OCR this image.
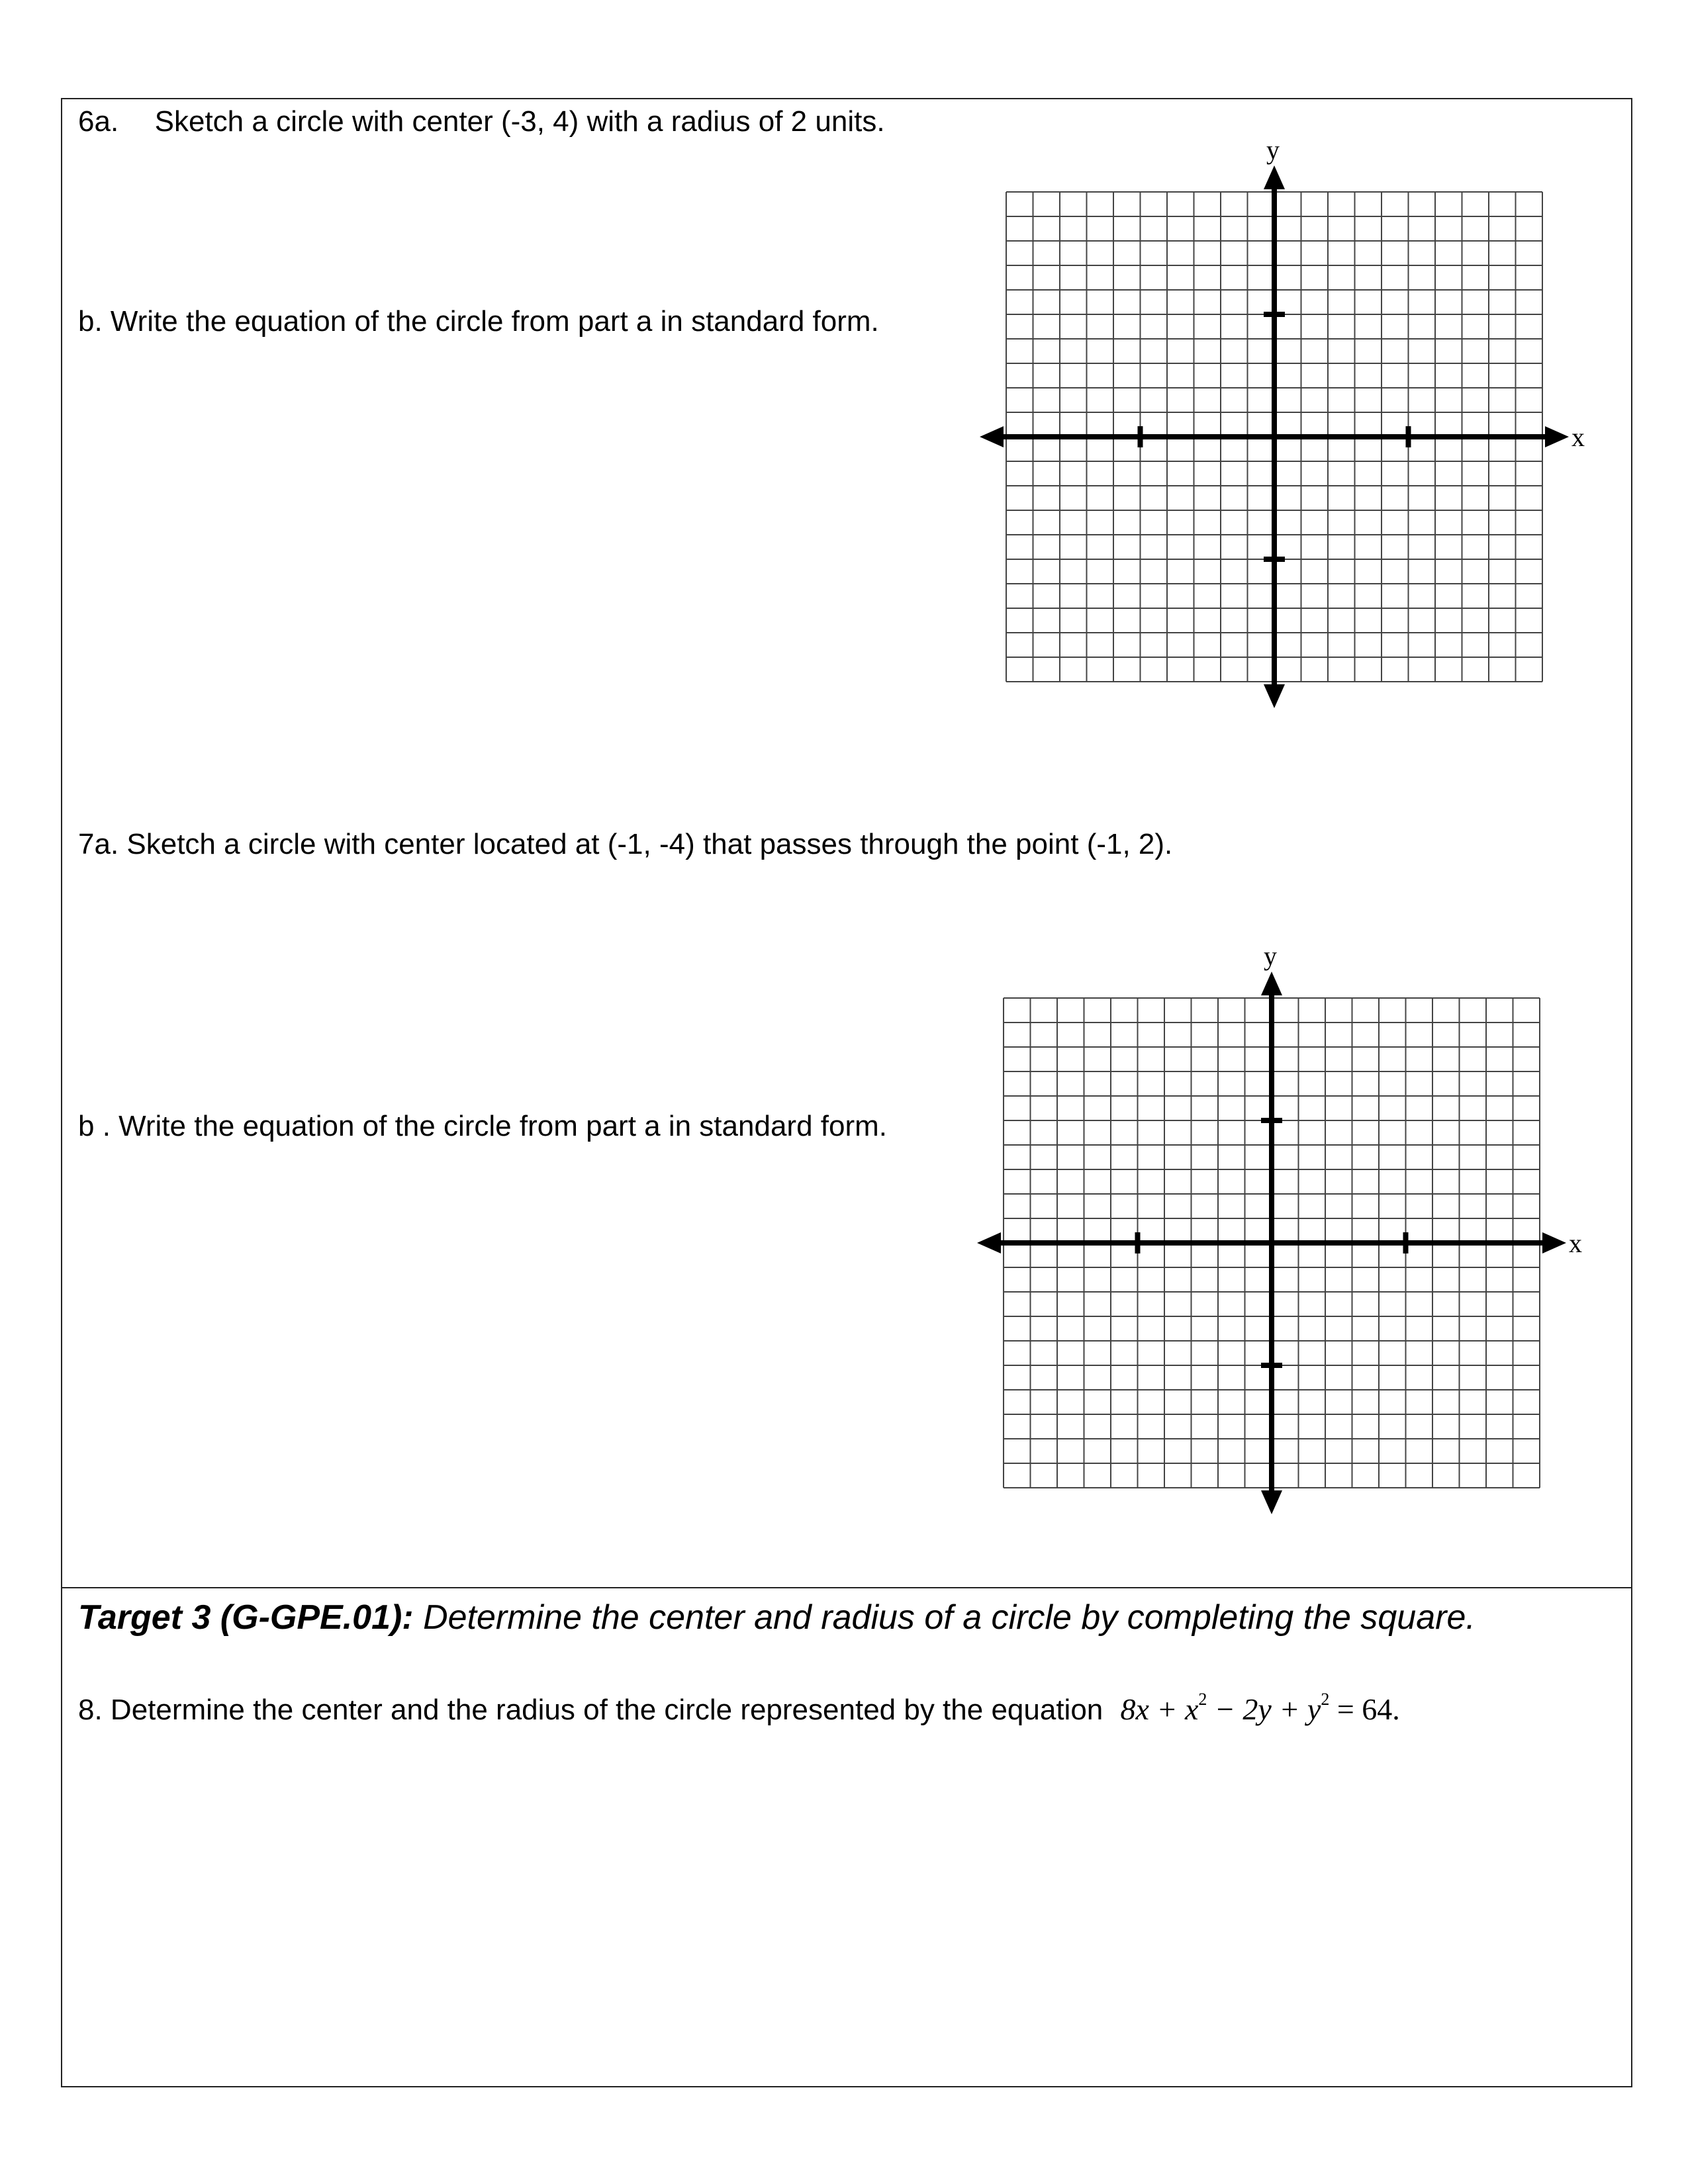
6a. Sketch a circle with center (-3, 4) with a radius of 2 units.
b. Write the equation of the circle from part a in standard form.
y
x
7a. Sketch a circle with center located at (-1, -4) that passes through the point (-1, 2).
b . Write the equation of the circle from part a in standard form.
y
x
Target 3 (G-GPE.01): Determine the center and radius of a circle by completing the square.
8. Determine the center and the radius of the circle represented by the equation $8x + x^2 - 2y + y^2 = 64$.
